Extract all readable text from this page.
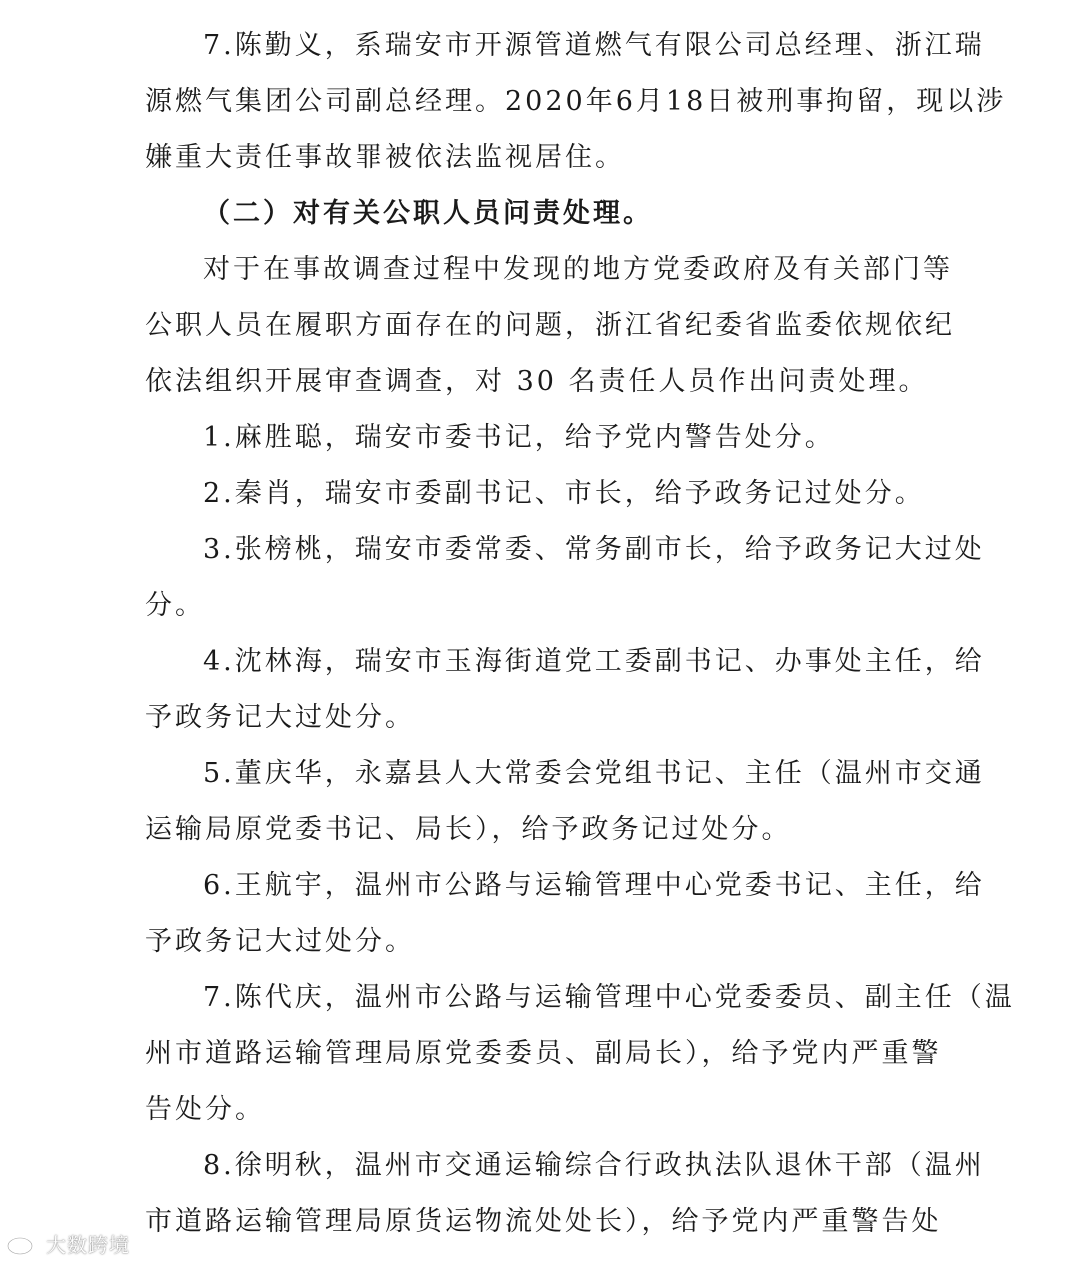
7.陈勤义，系瑞安市开源管道燃气有限公司总经理、浙江瑞
源燃气集团公司副总经理。2020年6月18日被刑事拘留，现以涉
嫌重大责任事故罪被依法监视居住。
（二）对有关公职人员问责处理。
对于在事故调查过程中发现的地方党委政府及有关部门等
公职人员在履职方面存在的问题，浙江省纪委省监委依规依纪
依法组织开展审查调查，对 30 名责任人员作出问责处理。
1.麻胜聪，瑞安市委书记，给予党内警告处分。
2.秦肖，瑞安市委副书记、市长，给予政务记过处分。
3.张榜桃，瑞安市委常委、常务副市长，给予政务记大过处
分。
4.沈林海，瑞安市玉海街道党工委副书记、办事处主任，给
予政务记大过处分。
5.董庆华，永嘉县人大常委会党组书记、主任（温州市交通
运输局原党委书记、局长），给予政务记过处分。
6.王航宇，温州市公路与运输管理中心党委书记、主任，给
予政务记大过处分。
7.陈代庆，温州市公路与运输管理中心党委委员、副主任（温
州市道路运输管理局原党委委员、副局长），给予党内严重警
告处分。
8.徐明秋，温州市交通运输综合行政执法队退休干部（温州
市道路运输管理局原货运物流处处长），给予党内严重警告处
大数跨境
